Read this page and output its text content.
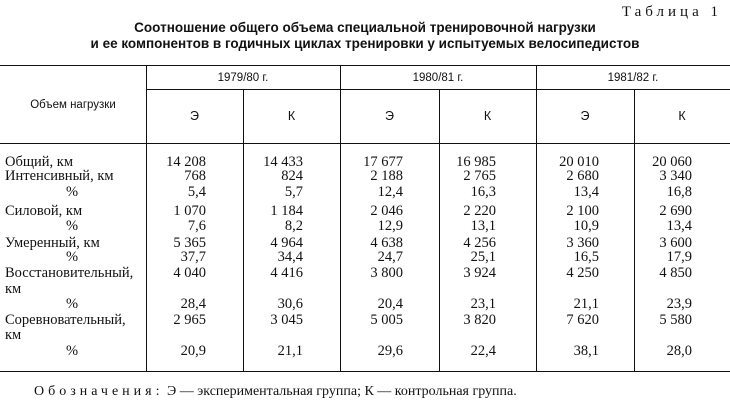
Таблица 1
Соотношение общего объема специальной тренировочной нагрузки
и ее компонентов в годичных циклах тренировки у испытуемых велосипедистов
Объем нагрузки
1979/80 г.	1980/81 г.	1981/82 г.
Э	К	Э	К	Э	К
Общий, км	14 208	14 433	17 677	16 985	20 010	20 060
Интенсивный, км	768	824	2 188	2 765	2 680	3 340
%	5,4	5,7	12,4	16,3	13,4	16,8
Силовой, км	1 070	1 184	2 046	2 220	2 100	2 690
%	7,6	8,2	12,9	13,1	10,9	13,4
Умеренный, км	5 365	4 964	4 638	4 256	3 360	3 600
%	37,7	34,4	24,7	25,1	16,5	17,9
Восстановительный,	4 040	4 416	3 800	3 924	4 250	4 850
км
%	28,4	30,6	20,4	23,1	21,1	23,9
Соревновательный,	2 965	3 045	5 005	3 820	7 620	5 580
км
%	20,9	21,1	29,6	22,4	38,1	28,0
Обозначения: Э — экспериментальная группа; К — контрольная группа.
